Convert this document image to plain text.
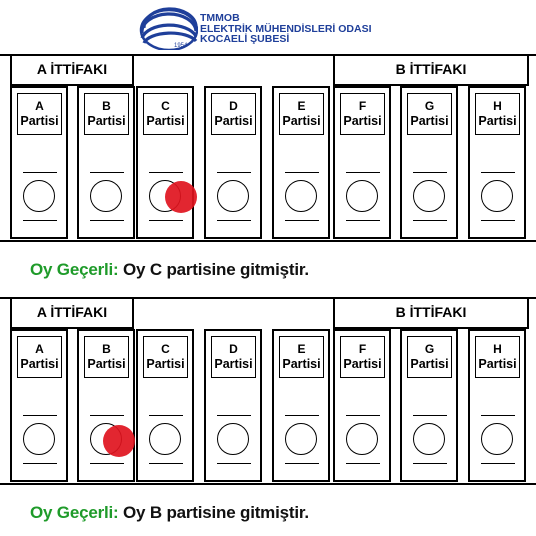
1954
TMMOB
ELEKTRİK MÜHENDİSLERİ ODASI
KOCAELİ ŞUBESİ
A İTTİFAKI	B İTTİFAKI
A
Partisi
B
Partisi
C
Partisi
D
Partisi
E
Partisi
F
Partisi
G
Partisi
H
Partisi
Oy Geçerli: Oy C partisine gitmiştir.
A İTTİFAKI	B İTTİFAKI
A
Partisi
B
Partisi
C
Partisi
D
Partisi
E
Partisi
F
Partisi
G
Partisi
H
Partisi
Oy Geçerli: Oy B partisine gitmiştir.
